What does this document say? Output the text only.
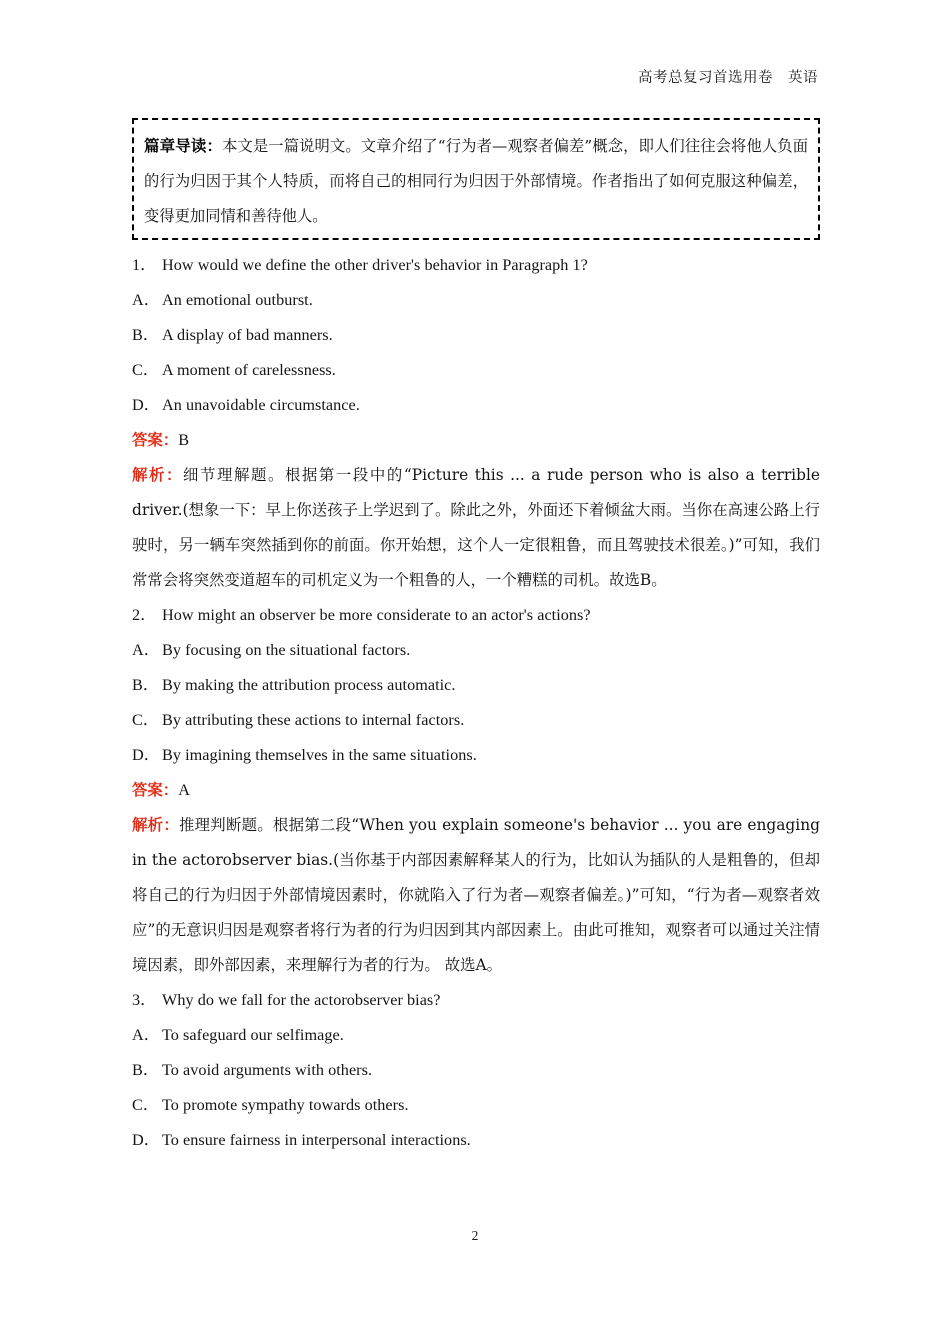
高考总复习首选用卷　英语
篇章导读：本文是一篇说明文。文章介绍了“行为者—观察者偏差”概念，即人们往往会将他人负面的行为归因于其个人特质，而将自己的相同行为归因于外部情境。作者指出了如何克服这种偏差，变得更加同情和善待他人。
1． How would we define the other driver's behavior in Paragraph 1?
A． An emotional outburst.
B． A display of bad manners.
C． A moment of carelessness.
D． An unavoidable circumstance.
答案：B
解析：细节理解题。根据第一段中的“Picture this ... a rude person who is also a terrible driver.(想象一下：早上你送孩子上学迟到了。除此之外，外面还下着倾盆大雨。当你在高速公路上行驶时，另一辆车突然插到你的前面。你开始想，这个人一定很粗鲁，而且驾驶技术很差。)”可知，我们常常会将突然变道超车的司机定义为一个粗鲁的人，一个糟糕的司机。故选B。
2． How might an observer be more considerate to an actor's actions?
A． By focusing on the situational factors.
B． By making the attribution process automatic.
C． By attributing these actions to internal factors.
D． By imagining themselves in the same situations.
答案：A
解析：推理判断题。根据第二段“When you explain someone's behavior ... you are engaging in the actorobserver bias.(当你基于内部因素解释某人的行为，比如认为插队的人是粗鲁的，但却将自己的行为归因于外部情境因素时，你就陷入了行为者—观察者偏差。)”可知，“行为者—观察者效应”的无意识归因是观察者将行为者的行为归因到其内部因素上。由此可推知，观察者可以通过关注情境因素，即外部因素，来理解行为者的行为。 故选A。
3． Why do we fall for the actorobserver bias?
A． To safeguard our selfimage.
B． To avoid arguments with others.
C． To promote sympathy towards others.
D． To ensure fairness in interpersonal interactions.
2
